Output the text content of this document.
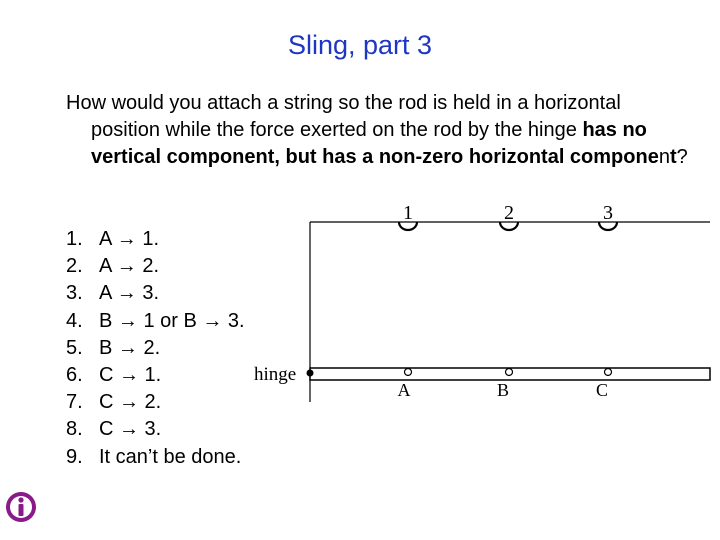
Sling, part 3
How would you attach a string so the rod is held in a horizontal position while the force exerted on the rod by the hinge has no vertical component, but has a non-zero horizontal component?
1. A → 1.
2. A → 2.
3. A → 3.
4. B → 1 or B → 3.
5. B → 2.
6. C → 1.
7. C → 2.
8. C → 3.
9. It can’t be done.
1	2	3
hinge
A	B	C
